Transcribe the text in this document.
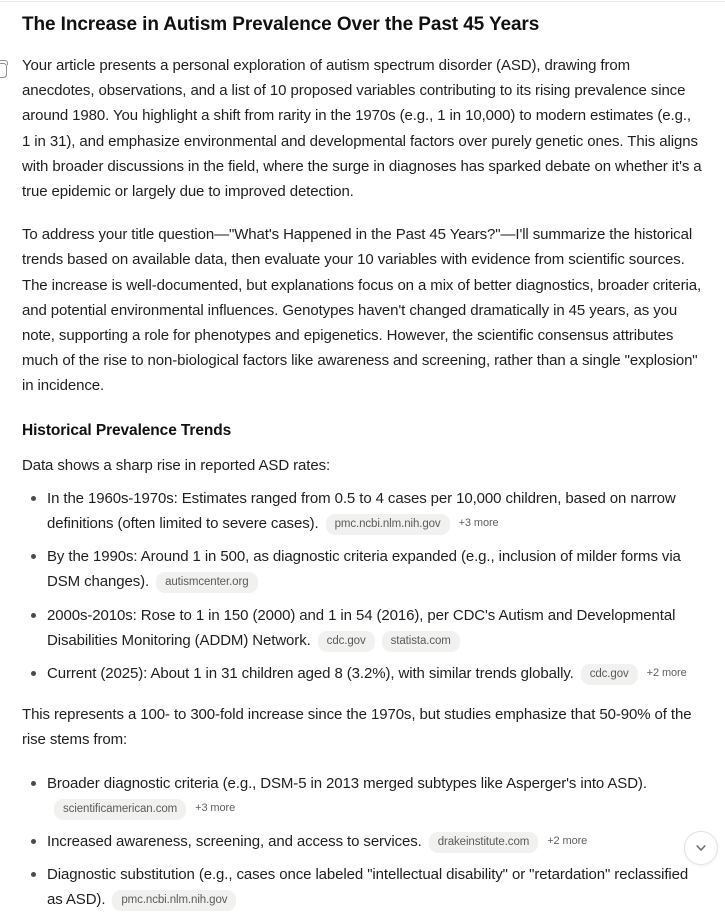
The Increase in Autism Prevalence Over the Past 45 Years

Your article presents a personal exploration of autism spectrum disorder (ASD), drawing from anecdotes, observations, and a list of 10 proposed variables contributing to its rising prevalence since around 1980. You highlight a shift from rarity in the 1970s (e.g., 1 in 10,000) to modern estimates (e.g., 1 in 31), and emphasize environmental and developmental factors over purely genetic ones. This aligns with broader discussions in the field, where the surge in diagnoses has sparked debate on whether it's a true epidemic or largely due to improved detection.

To address your title question—"What's Happened in the Past 45 Years?"—I'll summarize the historical trends based on available data, then evaluate your 10 variables with evidence from scientific sources. The increase is well-documented, but explanations focus on a mix of better diagnostics, broader criteria, and potential environmental influences. Genotypes haven't changed dramatically in 45 years, as you note, supporting a role for phenotypes and epigenetics. However, the scientific consensus attributes much of the rise to non-biological factors like awareness and screening, rather than a single "explosion" in incidence.

Historical Prevalence Trends

Data shows a sharp rise in reported ASD rates:

In the 1960s-1970s: Estimates ranged from 0.5 to 4 cases per 10,000 children, based on narrow definitions (often limited to severe cases). pmc.ncbi.nlm.nih.gov +3 more
By the 1990s: Around 1 in 500, as diagnostic criteria expanded (e.g., inclusion of milder forms via DSM changes). autismcenter.org
2000s-2010s: Rose to 1 in 150 (2000) and 1 in 54 (2016), per CDC's Autism and Developmental Disabilities Monitoring (ADDM) Network. cdc.gov statista.com
Current (2025): About 1 in 31 children aged 8 (3.2%), with similar trends globally. cdc.gov +2 more

This represents a 100- to 300-fold increase since the 1970s, but studies emphasize that 50-90% of the rise stems from:

Broader diagnostic criteria (e.g., DSM-5 in 2013 merged subtypes like Asperger's into ASD).scientificamerican.com +3 more
Increased awareness, screening, and access to services. drakeinstitute.com +2 more
Diagnostic substitution (e.g., cases once labeled "intellectual disability" or "retardation" reclassified as ASD). pmc.ncbi.nlm.nih.gov
